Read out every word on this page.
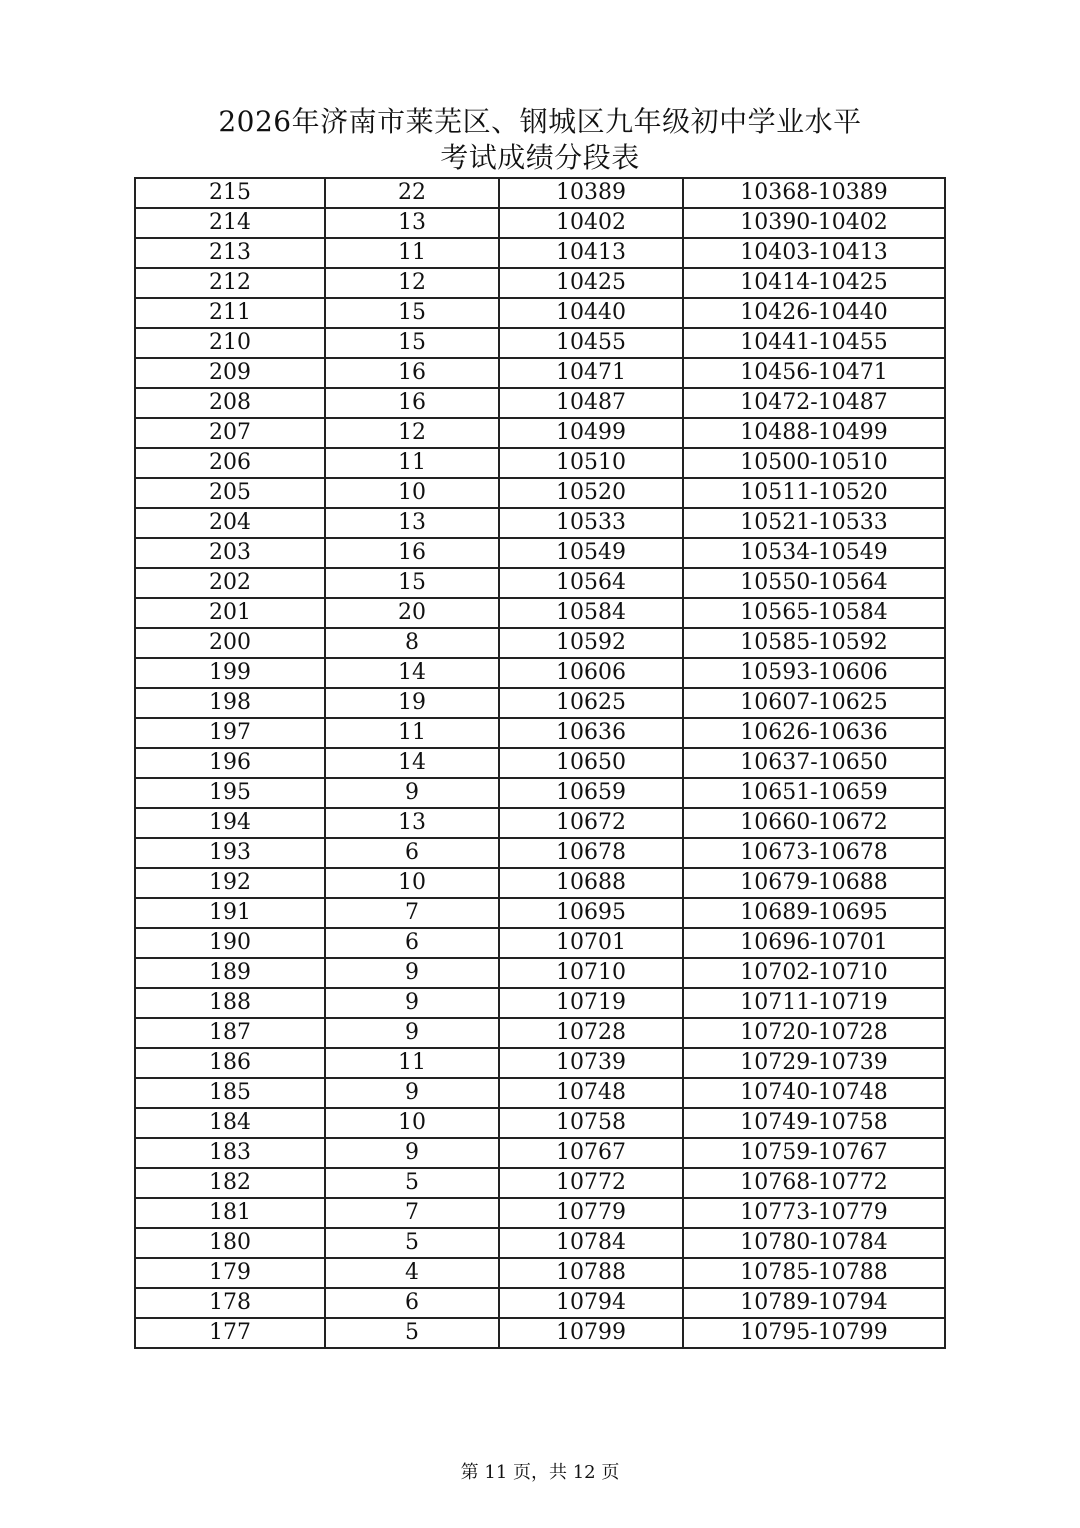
2026年济南市莱芜区、钢城区九年级初中学业水平
考试成绩分段表
215	22	10389	10368-10389
214	13	10402	10390-10402
213	11	10413	10403-10413
212	12	10425	10414-10425
211	15	10440	10426-10440
210	15	10455	10441-10455
209	16	10471	10456-10471
208	16	10487	10472-10487
207	12	10499	10488-10499
206	11	10510	10500-10510
205	10	10520	10511-10520
204	13	10533	10521-10533
203	16	10549	10534-10549
202	15	10564	10550-10564
201	20	10584	10565-10584
200	8	10592	10585-10592
199	14	10606	10593-10606
198	19	10625	10607-10625
197	11	10636	10626-10636
196	14	10650	10637-10650
195	9	10659	10651-10659
194	13	10672	10660-10672
193	6	10678	10673-10678
192	10	10688	10679-10688
191	7	10695	10689-10695
190	6	10701	10696-10701
189	9	10710	10702-10710
188	9	10719	10711-10719
187	9	10728	10720-10728
186	11	10739	10729-10739
185	9	10748	10740-10748
184	10	10758	10749-10758
183	9	10767	10759-10767
182	5	10772	10768-10772
181	7	10779	10773-10779
180	5	10784	10780-10784
179	4	10788	10785-10788
178	6	10794	10789-10794
177	5	10799	10795-10799
第 11 页，共 12 页
